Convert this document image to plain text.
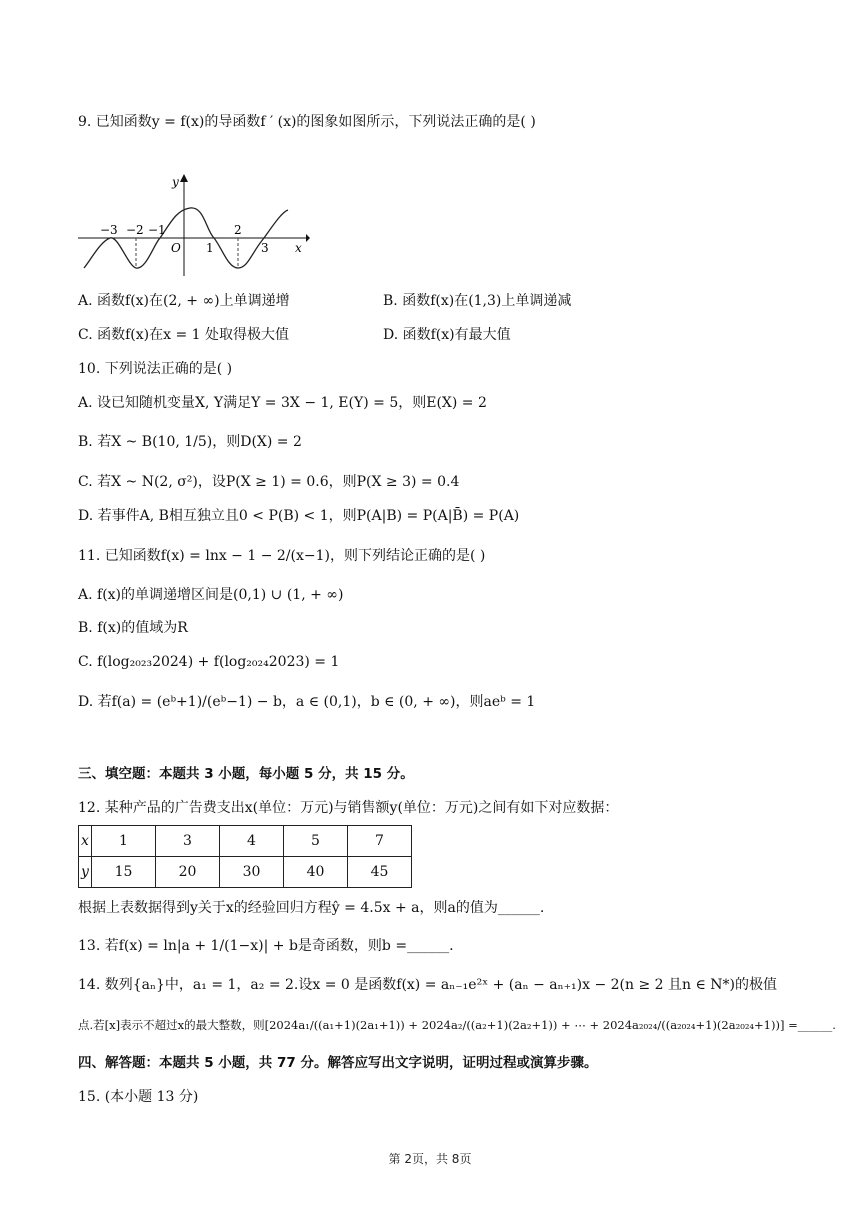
9. 已知函数y = f(x)的导函数f ′ (x)的图象如图所示，下列说法正确的是( )
y
x
O
−3 −2 −1
1
2
3
A. 函数f(x)在(2, + ∞)上单调递增	B. 函数f(x)在(1,3)上单调递减
C. 函数f(x)在x = 1 处取得极大值	D. 函数f(x)有最大值
10. 下列说法正确的是( )
A. 设已知随机变量X, Y满足Y = 3X − 1, E(Y) = 5，则E(X) = 2
B. 若X ~ B(10, 1/5)，则D(X) = 2
C. 若X ~ N(2, σ²)，设P(X ≥ 1) = 0.6，则P(X ≥ 3) = 0.4
D. 若事件A, B相互独立且0 < P(B) < 1，则P(A|B) = P(A|B̄) = P(A)
11. 已知函数f(x) = lnx − 1 − 2/(x−1)，则下列结论正确的是( )
A. f(x)的单调递增区间是(0,1) ∪ (1, + ∞)
B. f(x)的值域为R
C. f(log₂₀₂₃2024) + f(log₂₀₂₄2023) = 1
D. 若f(a) = (eᵇ+1)/(eᵇ−1) − b，a ∈ (0,1)，b ∈ (0, + ∞)，则aeᵇ = 1
三、填空题：本题共 3 小题，每小题 5 分，共 15 分。
12. 某种产品的广告费支出x(单位：万元)与销售额y(单位：万元)之间有如下对应数据：
x	1	3	4	5	7
y	15	20	30	40	45
根据上表数据得到y关于x的经验回归方程ŷ = 4.5x + a，则a的值为______.
13. 若f(x) = ln|a + 1/(1−x)| + b是奇函数，则b =______.
14. 数列{aₙ}中，a₁ = 1，a₂ = 2.设x = 0 是函数f(x) = aₙ₋₁e²ˣ + (aₙ − aₙ₊₁)x − 2(n ≥ 2 且n ∈ N*)的极值
点.若[x]表示不超过x的最大整数，则[2024a₁/((a₁+1)(2a₁+1)) + 2024a₂/((a₂+1)(2a₂+1)) + ⋯ + 2024a₂₀₂₄/((a₂₀₂₄+1)(2a₂₀₂₄+1))] =______.
四、解答题：本题共 5 小题，共 77 分。解答应写出文字说明，证明过程或演算步骤。
15. (本小题 13 分)
第 2页，共 8页
